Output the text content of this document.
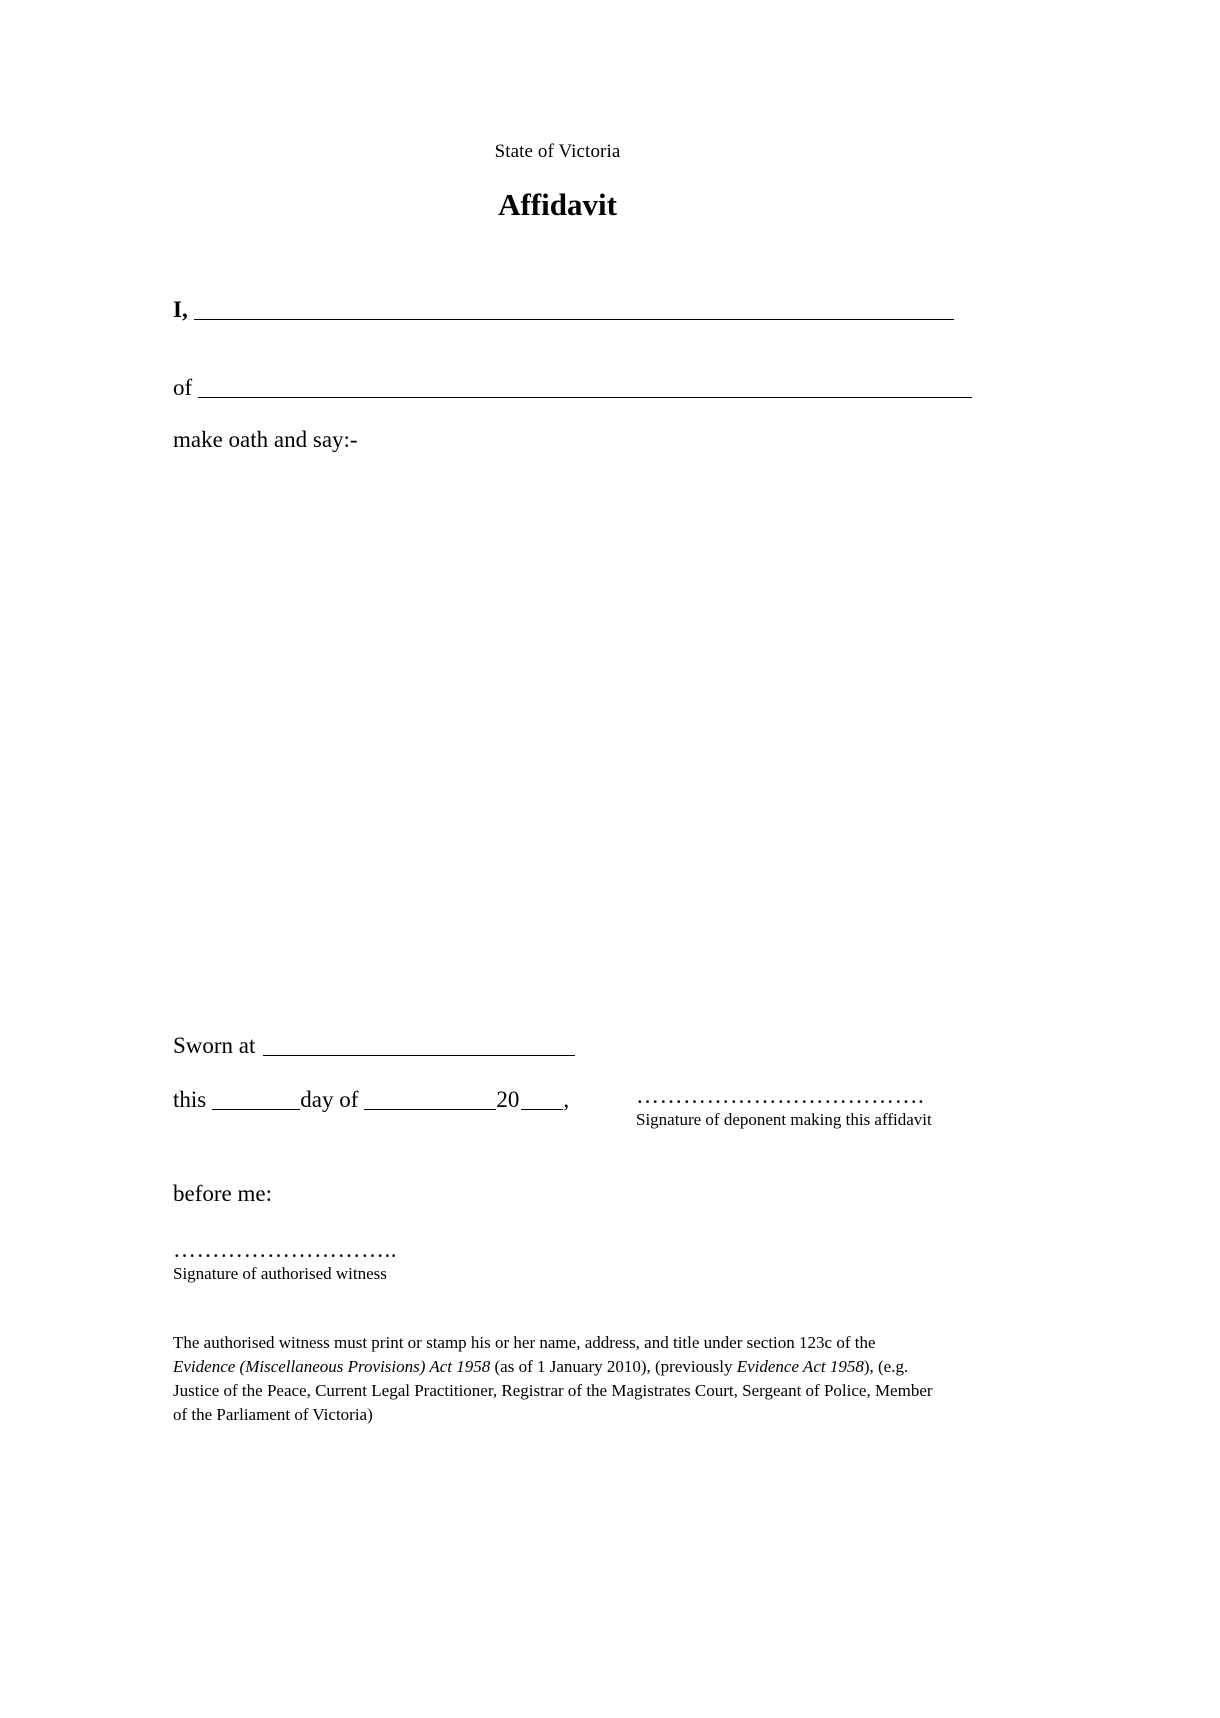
State of Victoria
Affidavit
I,
of
make oath and say:-
Sworn at
this	day of	20 ,	……………………………….
Signature of deponent making this affidavit
before me:
………………………..
Signature of authorised witness
The authorised witness must print or stamp his or her name, address, and title under section 123c of the Evidence (Miscellaneous Provisions) Act 1958 (as of 1 January 2010), (previously Evidence Act 1958), (e.g. Justice of the Peace, Current Legal Practitioner, Registrar of the Magistrates Court, Sergeant of Police, Member of the Parliament of Victoria)
